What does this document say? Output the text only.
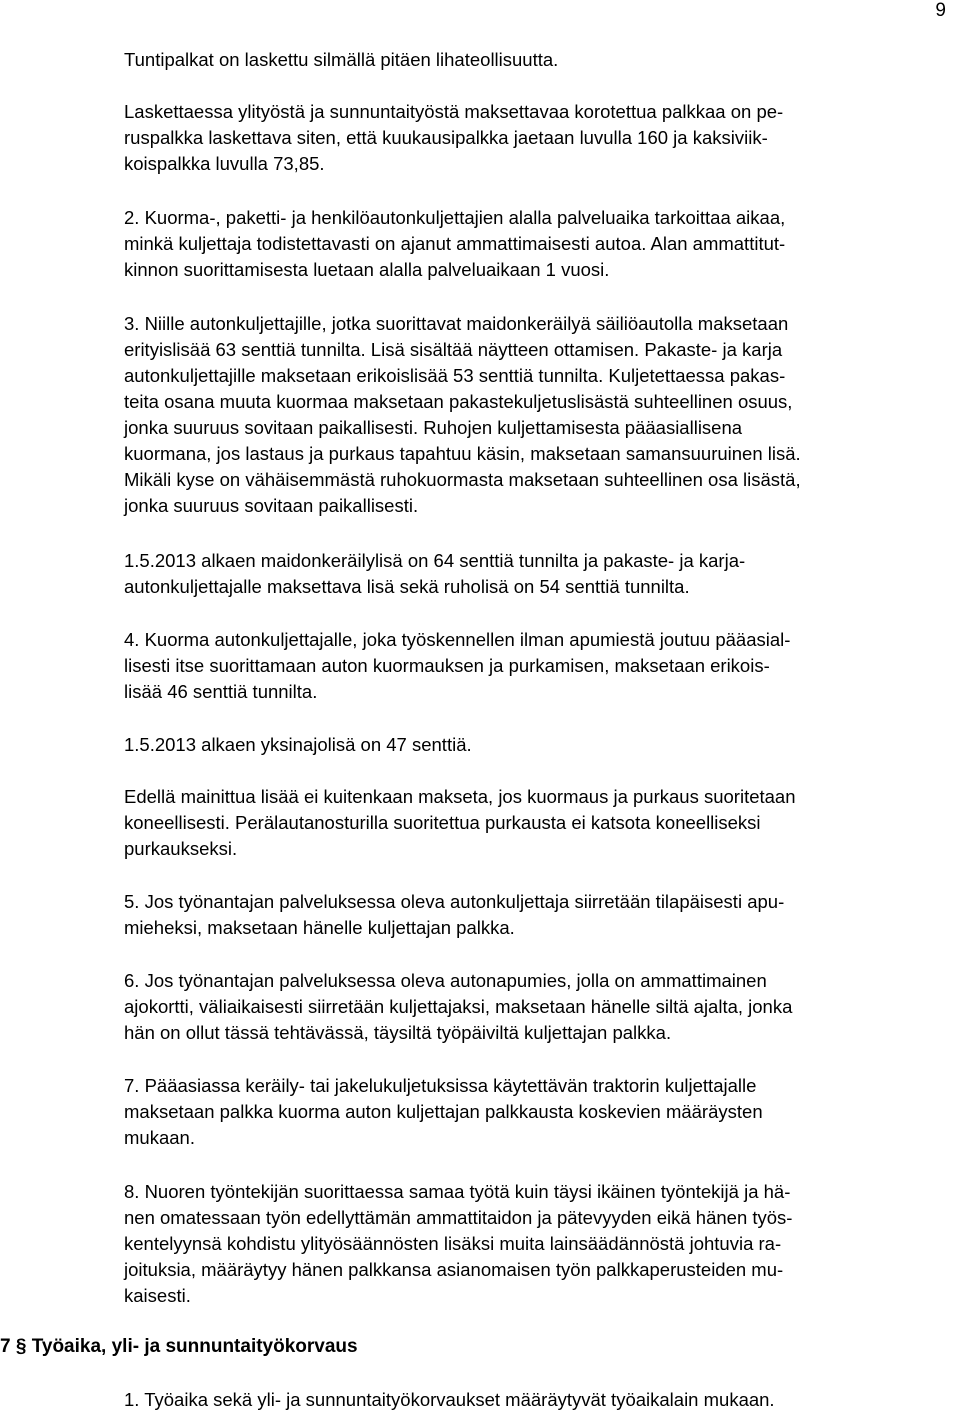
9
Tuntipalkat on laskettu silmällä pitäen lihateollisuutta.
Laskettaessa ylityöstä ja sunnuntaityöstä maksettavaa korotettua palkkaa on pe-
ruspalkka laskettava siten, että kuukausipalkka jaetaan luvulla 160 ja kaksiviik-
koispalkka luvulla 73,85.
2. Kuorma-, paketti- ja henkilöautonkuljettajien alalla palveluaika tarkoittaa aikaa,
minkä kuljettaja todistettavasti on ajanut ammattimaisesti autoa. Alan ammattitut-
kinnon suorittamisesta luetaan alalla palveluaikaan 1 vuosi.
3. Niille autonkuljettajille, jotka suorittavat maidonkeräilyä säiliöautolla maksetaan
erityislisää 63 senttiä tunnilta. Lisä sisältää näytteen ottamisen. Pakaste- ja karja
autonkuljettajille maksetaan erikoislisää 53 senttiä tunnilta. Kuljetettaessa pakas-
teita osana muuta kuormaa maksetaan pakastekuljetuslisästä suhteellinen osuus,
jonka suuruus sovitaan paikallisesti. Ruhojen kuljettamisesta pääasiallisena
kuormana, jos lastaus ja purkaus tapahtuu käsin, maksetaan samansuuruinen lisä.
Mikäli kyse on vähäisemmästä ruhokuormasta maksetaan suhteellinen osa lisästä,
jonka suuruus sovitaan paikallisesti.
1.5.2013 alkaen maidonkeräilylisä on 64 senttiä tunnilta ja pakaste- ja karja-
autonkuljettajalle maksettava lisä sekä ruholisä on 54 senttiä tunnilta.
4. Kuorma autonkuljettajalle, joka työskennellen ilman apumiestä joutuu pääasial-
lisesti itse suorittamaan auton kuormauksen ja purkamisen, maksetaan erikois-
lisää 46 senttiä tunnilta.
1.5.2013 alkaen yksinajolisä on 47 senttiä.
Edellä mainittua lisää ei kuitenkaan makseta, jos kuormaus ja purkaus suoritetaan
koneellisesti. Perälautanosturilla suoritettua purkausta ei katsota koneelliseksi
purkaukseksi.
5. Jos työnantajan palveluksessa oleva autonkuljettaja siirretään tilapäisesti apu-
mieheksi, maksetaan hänelle kuljettajan palkka.
6. Jos työnantajan palveluksessa oleva autonapumies, jolla on ammattimainen
ajokortti, väliaikaisesti siirretään kuljettajaksi, maksetaan hänelle siltä ajalta, jonka
hän on ollut tässä tehtävässä, täysiltä työpäiviltä kuljettajan palkka.
7. Pääasiassa keräily- tai jakelukuljetuksissa käytettävän traktorin kuljettajalle
maksetaan palkka kuorma auton kuljettajan palkkausta koskevien määräysten
mukaan.
8. Nuoren työntekijän suorittaessa samaa työtä kuin täysi ikäinen työntekijä ja hä-
nen omatessaan työn edellyttämän ammattitaidon ja pätevyyden eikä hänen työs-
kentelyynsä kohdistu ylityösäännösten lisäksi muita lainsäädännöstä johtuvia ra-
joituksia, määräytyy hänen palkkansa asianomaisen työn palkkaperusteiden mu-
kaisesti.
7 § Työaika, yli- ja sunnuntaityökorvaus
1. Työaika sekä yli- ja sunnuntaityökorvaukset määräytyvät työaikalain mukaan.
